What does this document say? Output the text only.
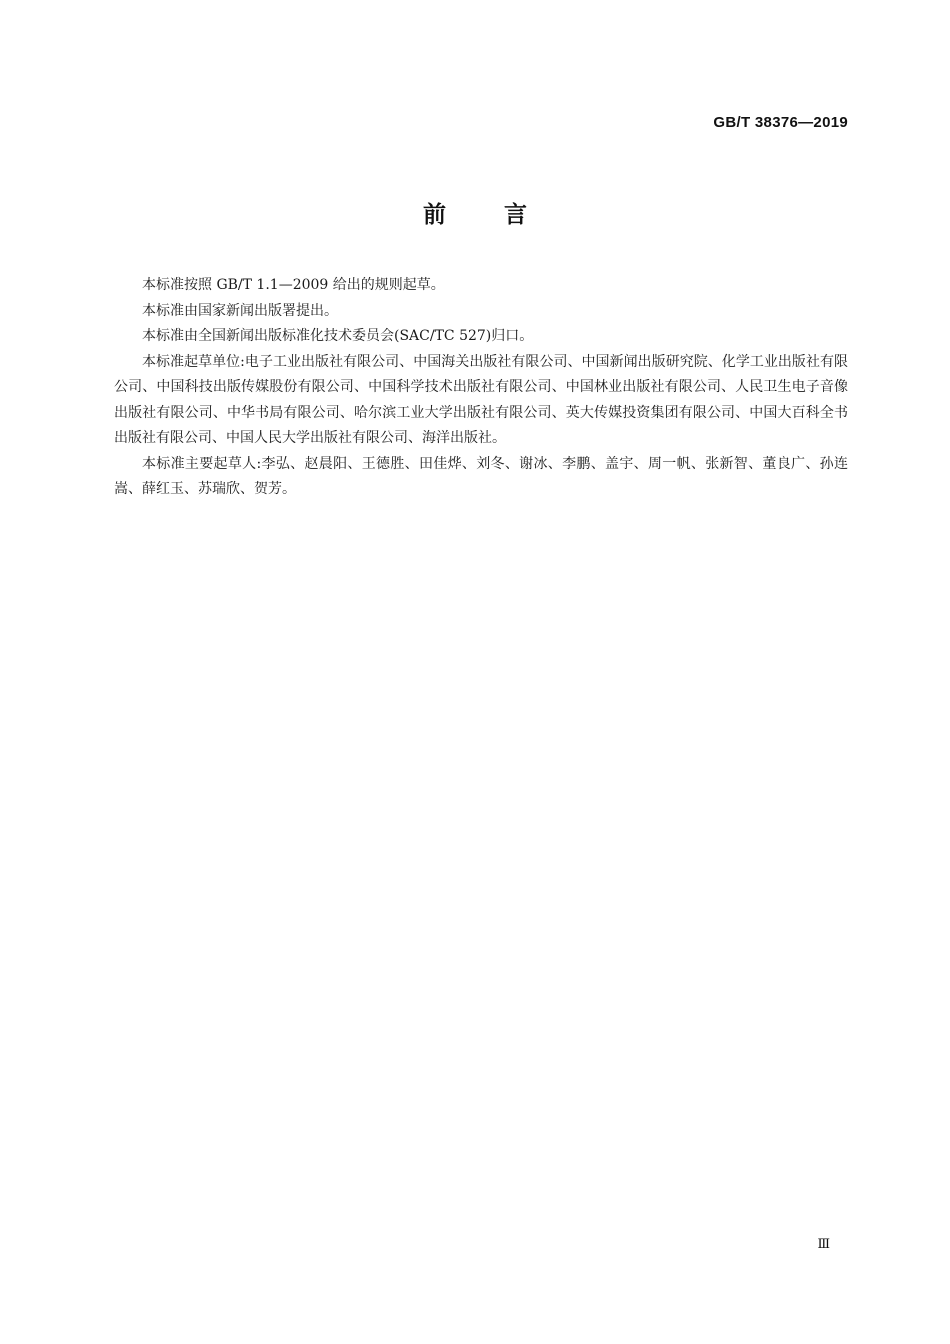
GB/T 38376—2019
前言

本标准按照 GB/T 1.1—2009 给出的规则起草。

本标准由国家新闻出版署提出。

本标准由全国新闻出版标准化技术委员会(SAC/TC 527)归口。

本标准起草单位:电子工业出版社有限公司、中国海关出版社有限公司、中国新闻出版研究院、化学工业出版社有限公司、中国科技出版传媒股份有限公司、中国科学技术出版社有限公司、中国林业出版社有限公司、人民卫生电子音像出版社有限公司、中华书局有限公司、哈尔滨工业大学出版社有限公司、英大传媒投资集团有限公司、中国大百科全书出版社有限公司、中国人民大学出版社有限公司、海洋出版社。

本标准主要起草人:李弘、赵晨阳、王德胜、田佳烨、刘冬、谢冰、李鹏、盖宇、周一帆、张新智、董良广、孙连嵩、薛红玉、苏瑞欣、贺芳。

Ⅲ
